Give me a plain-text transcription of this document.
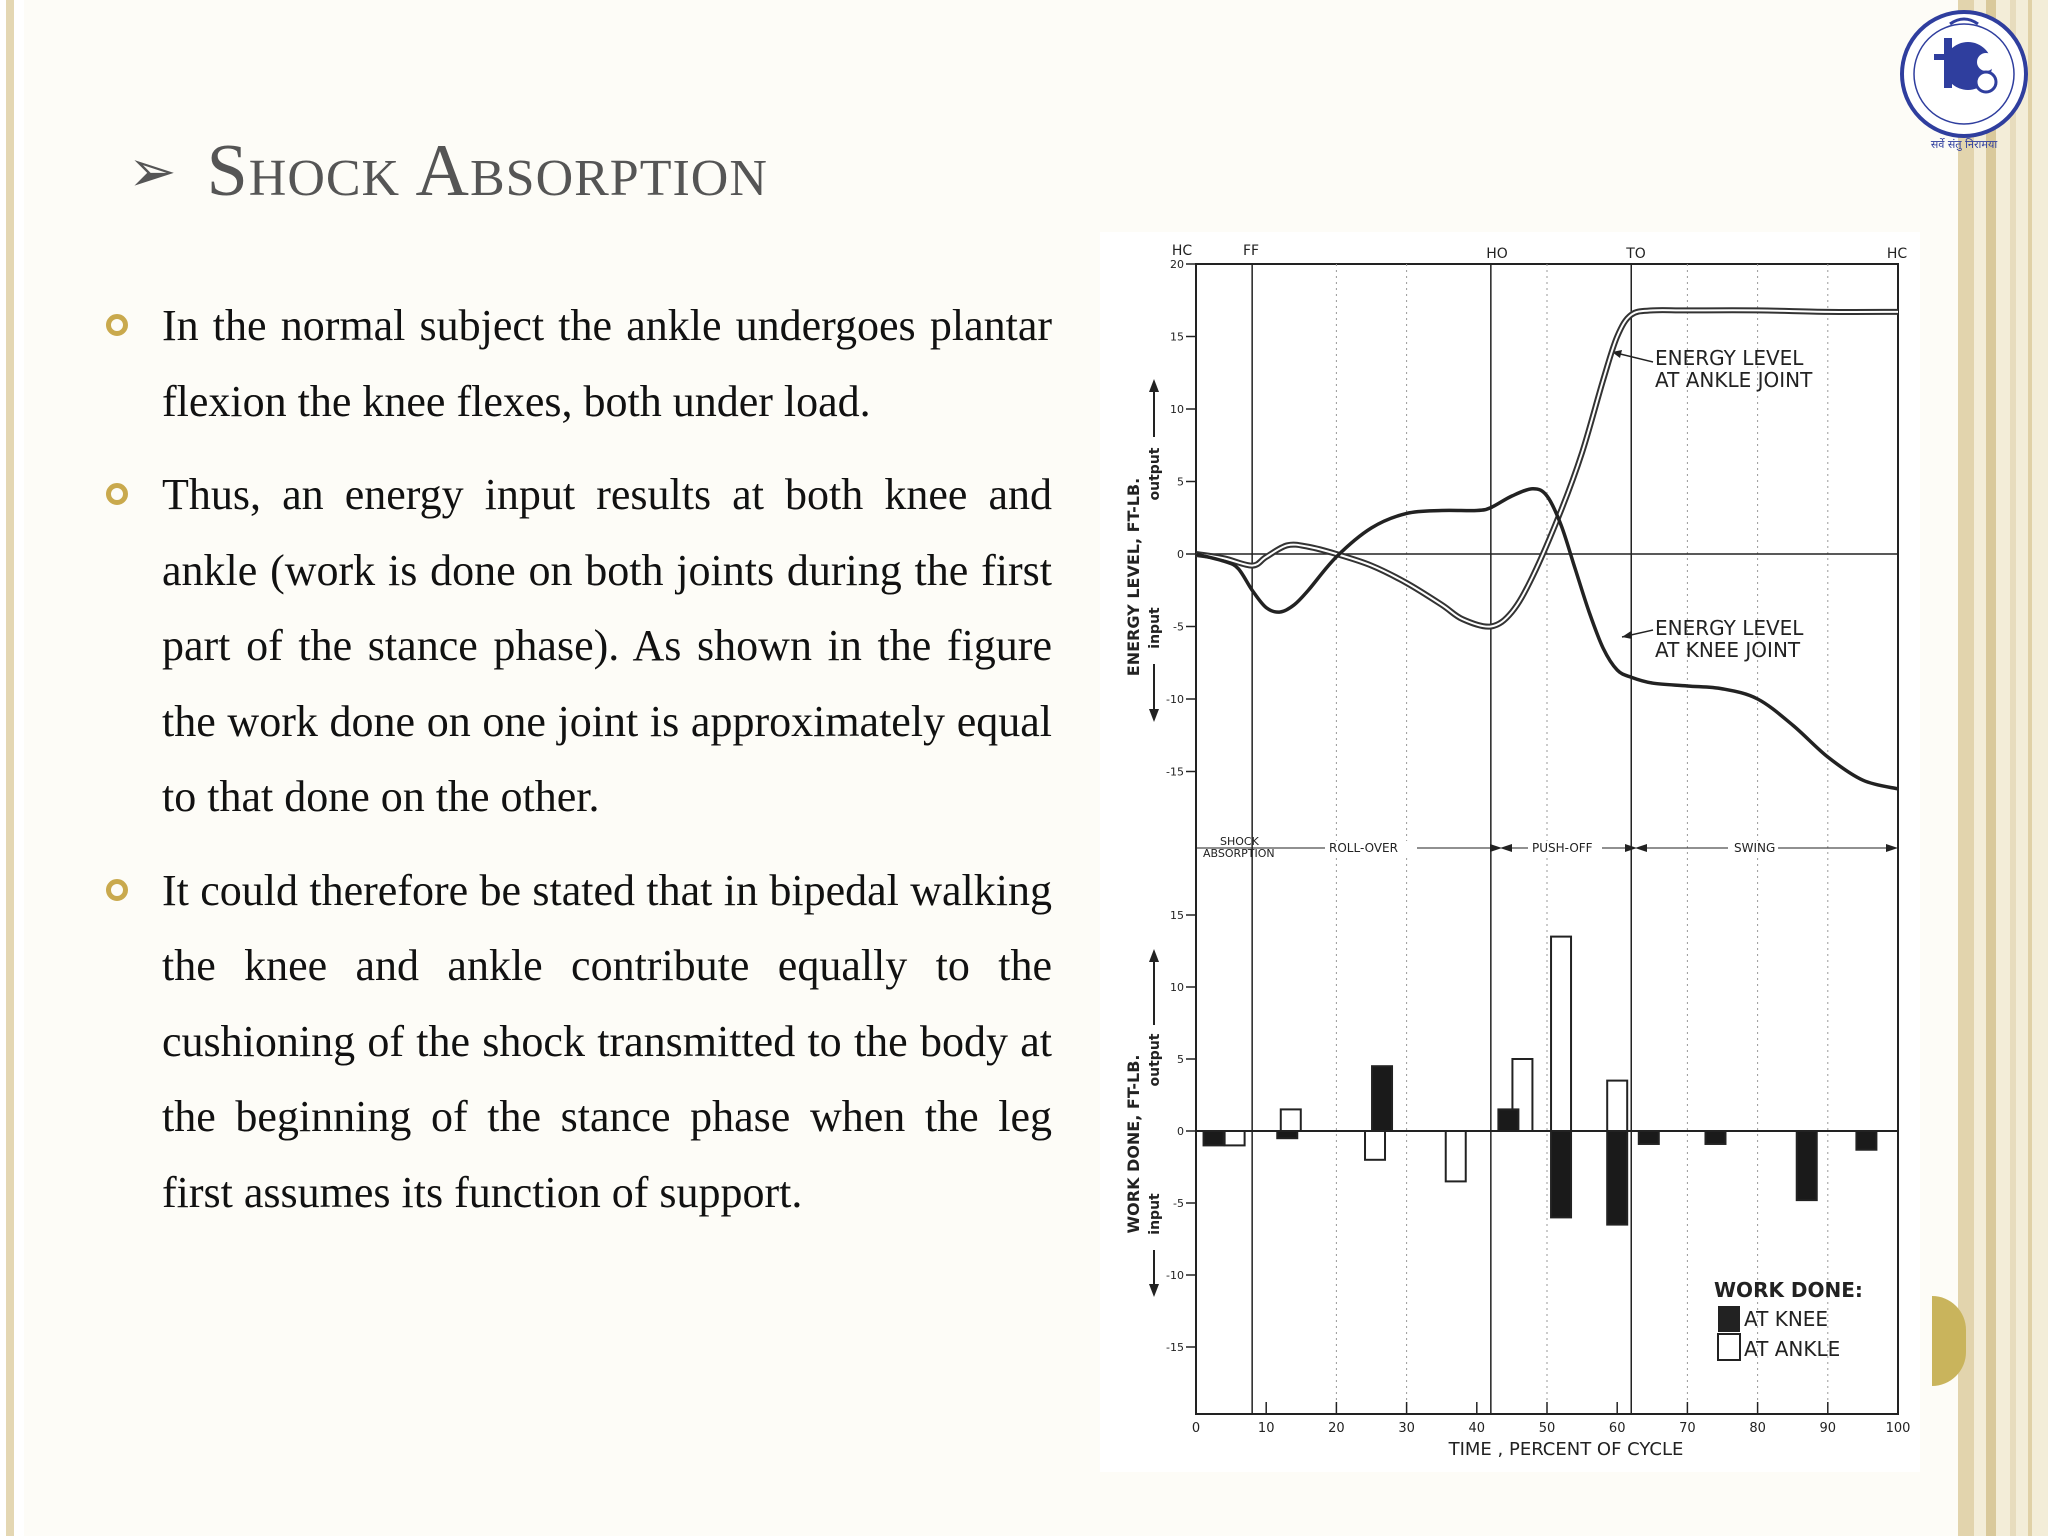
सर्वे संतु निरामया
➢ Shock Absorption

In the normal subject the ankle undergoes plantar flexion the knee flexes, both under load.

Thus, an energy input results at both knee and ankle (work is done on both joints during the first part of the stance phase). As shown in the figure the work done on one joint is approximately equal to that done on the other.

It could therefore be stated that in bipedal walking the knee and ankle contribute equally to the cushioning of the shock transmitted to the body at the beginning of the stance phase when the leg first assumes its function of support.

20
15
10
5
0
-5
-10
-15
15
10
5
0
-5
-10
-15
0	10	20	30	40	50	60	70	80	90	100
HC	FF	HO	TO	HC
ENERGY LEVEL, FT-LB.
output
input
WORK DONE, FT-LB. output
input
ENERGY LEVEL
AT ANKLE JOINT
ENERGY LEVEL
AT KNEE JOINT
SHOCK
ABSORPTION	ROLL-OVER	PUSH-OFF	SWING
TIME , PERCENT OF CYCLE
WORK DONE:
AT KNEE
AT ANKLE
